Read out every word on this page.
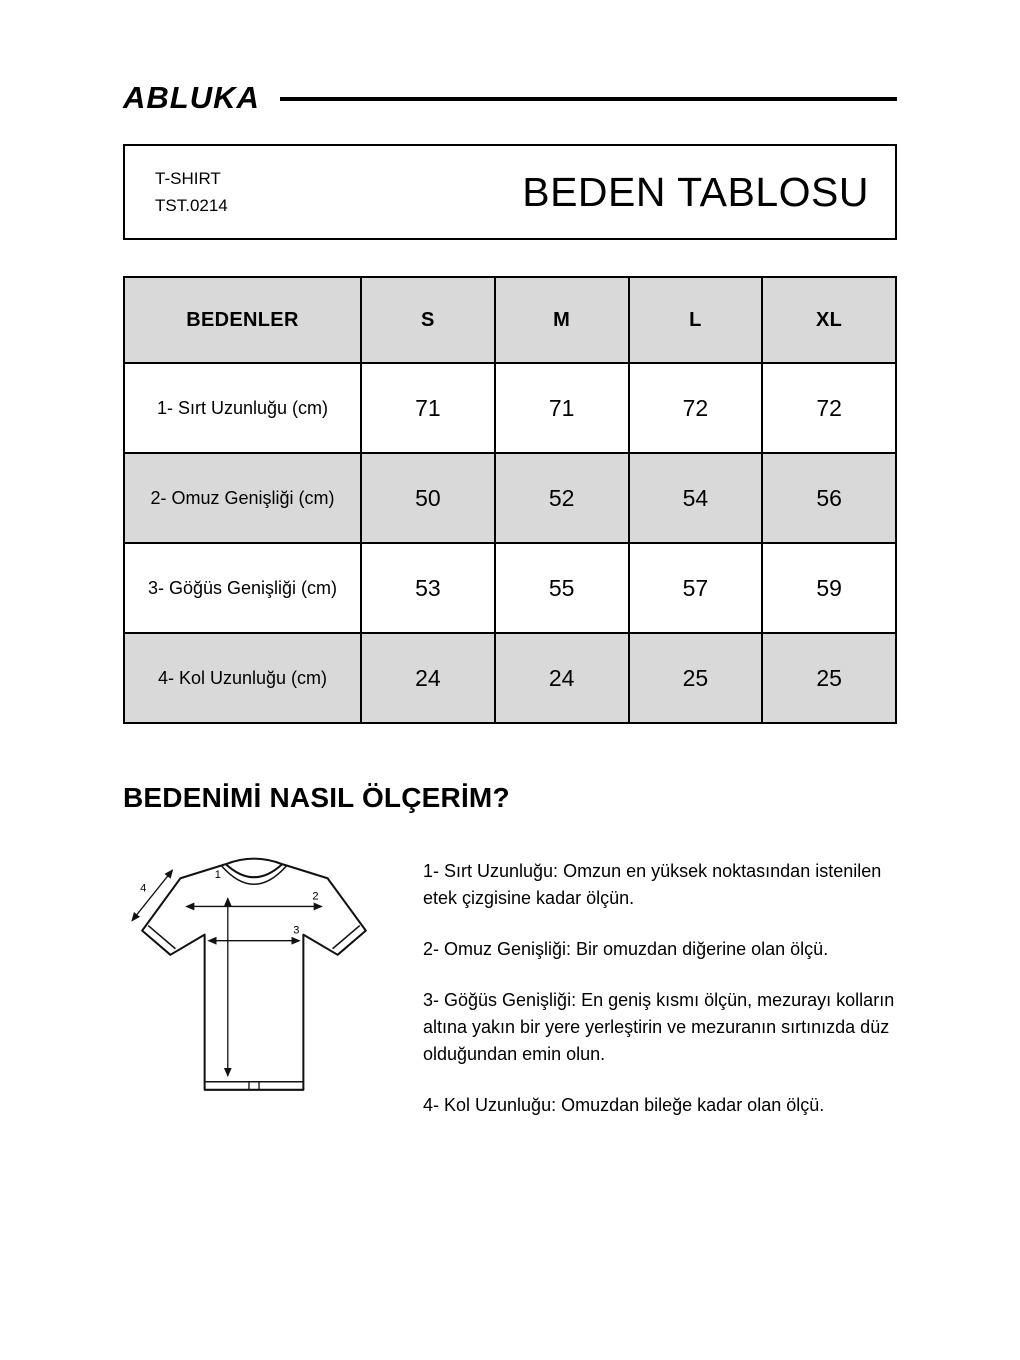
ABLUKA
T-SHIRT
TST.0214	BEDEN TABLOSU
BEDENLER	S	M	L	XL
1- Sırt Uzunluğu (cm)	71	71	72	72
2- Omuz Genişliği (cm)	50	52	54	56
3- Göğüs Genişliği (cm)	53	55	57	59
4- Kol Uzunluğu (cm)	24	24	25	25
BEDENİMİ NASIL ÖLÇERİM?
1
2
3
4

1- Sırt Uzunluğu: Omzun en yüksek noktasından istenilen etek çizgisine kadar ölçün.

2- Omuz Genişliği: Bir omuzdan diğerine olan ölçü.

3- Göğüs Genişliği: En geniş kısmı ölçün, mezurayı kolların altına yakın bir yere yerleştirin ve mezuranın sırtınızda düz olduğundan emin olun.

4- Kol Uzunluğu: Omuzdan bileğe kadar olan ölçü.
